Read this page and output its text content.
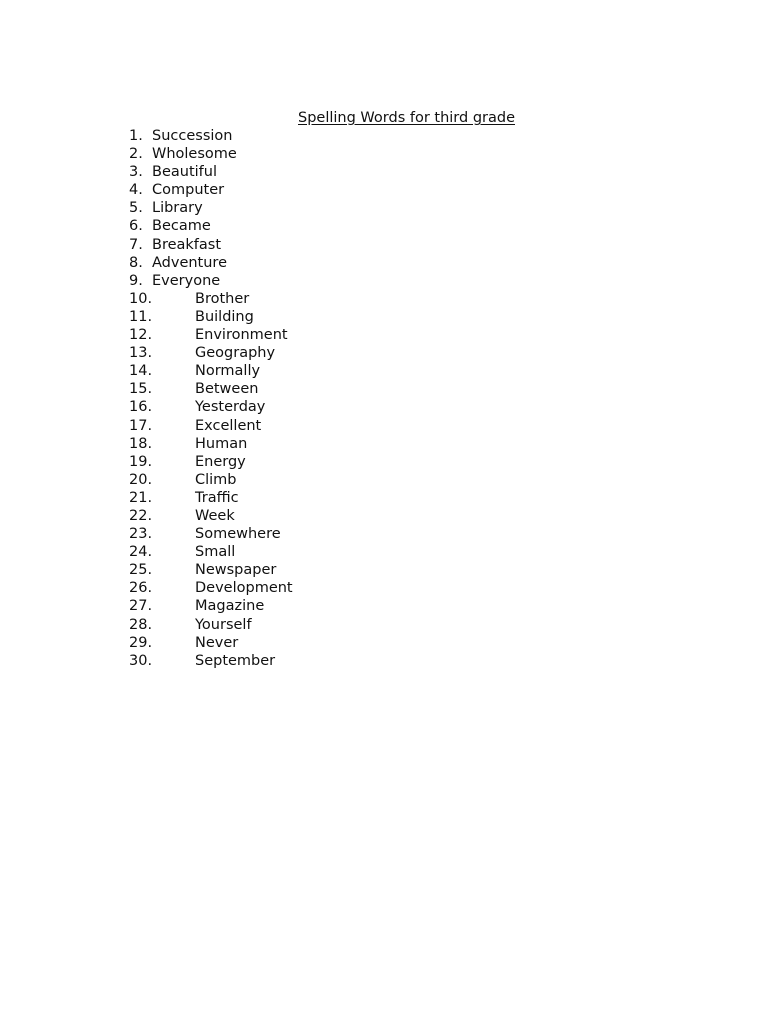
Spelling Words for third grade
1. Succession
2. Wholesome
3. Beautiful
4. Computer
5. Library
6. Became
7. Breakfast
8. Adventure
9. Everyone
10.	Brother
11.	Building
12.	Environment
13.	Geography
14.	Normally
15.	Between
16.	Yesterday
17.	Excellent
18.	Human
19.	Energy
20.	Climb
21.	Traffic
22.	Week
23.	Somewhere
24.	Small
25.	Newspaper
26.	Development
27.	Magazine
28.	Yourself
29.	Never
30.	September
